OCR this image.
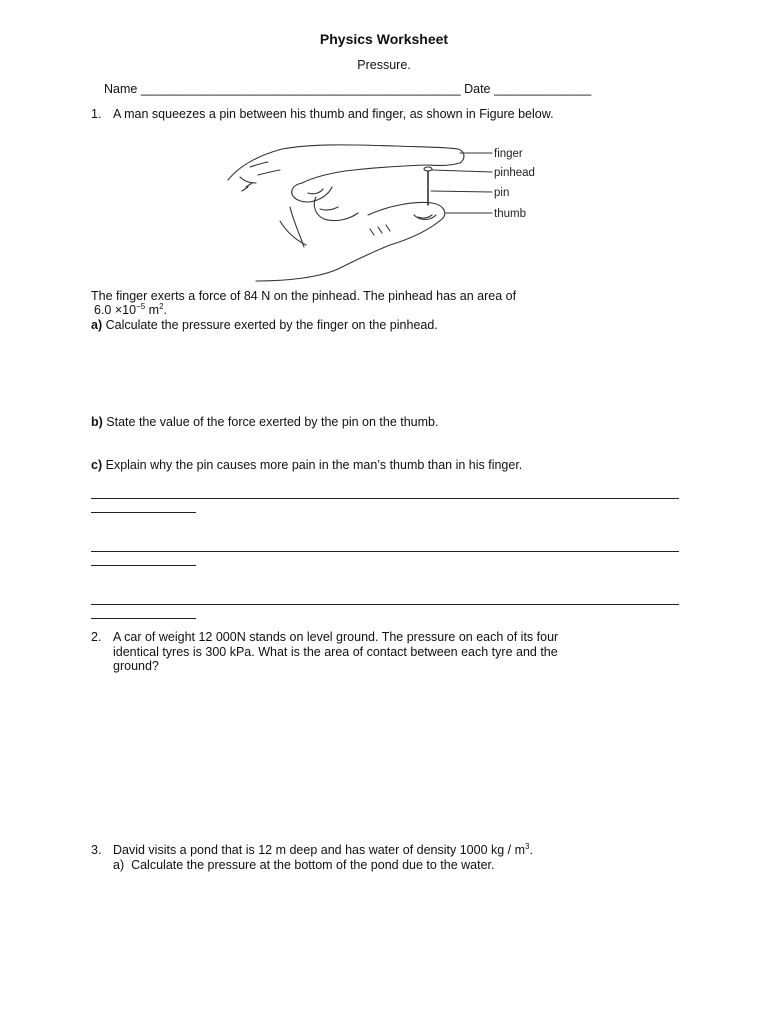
Physics Worksheet
Pressure.
Name ______________________________________________ Date ______________
1. A man squeezes a pin between his thumb and finger, as shown in Figure below.
finger
pinhead
pin
thumb
The finger exerts a force of 84 N on the pinhead. The pinhead has an area of
$6.0 \times 10^{-5}$ $m^2$.
a) Calculate the pressure exerted by the finger on the pinhead.
b) State the value of the force exerted by the pin on the thumb.
c) Explain why the pin causes more pain in the man’s thumb than in his finger.
2. A car of weight 12 000N stands on level ground. The pressure on each of its four
identical tyres is 300 kPa. What is the area of contact between each tyre and the
ground?
3. David visits a pond that is 12 m deep and has water of density 1000 kg / $m^3$.
a) Calculate the pressure at the bottom of the pond due to the water.
